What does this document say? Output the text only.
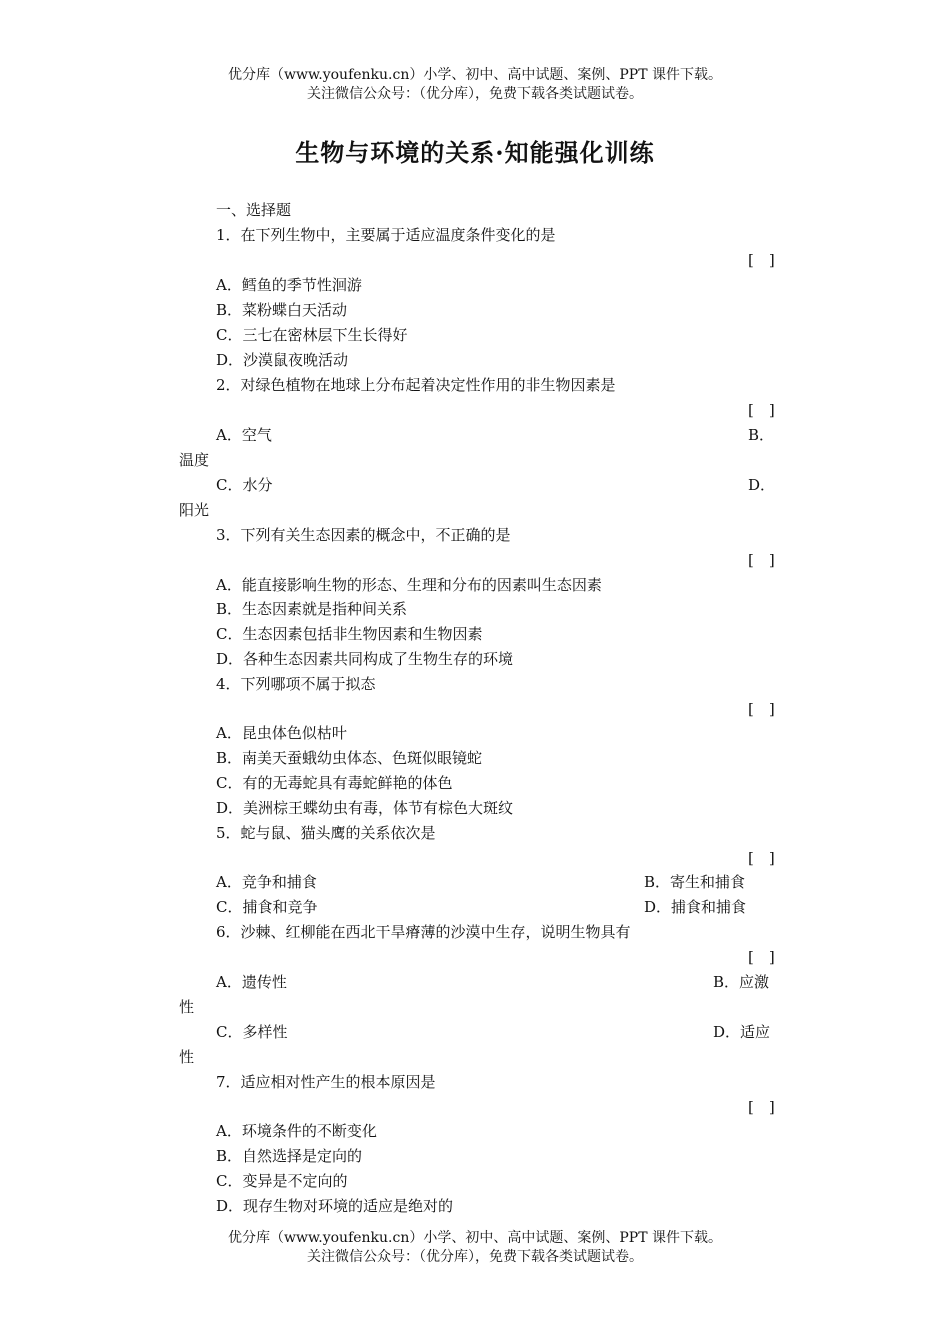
优分库（www.youfenku.cn）小学、初中、高中试题、案例、PPT 课件下载。
关注微信公众号：（优分库），免费下载各类试题试卷。
生物与环境的关系·知能强化训练
一、选择题
1．在下列生物中，主要属于适应温度条件变化的是
[　]
A．鳕鱼的季节性洄游
B．菜粉蝶白天活动
C．三七在密林层下生长得好
D．沙漠鼠夜晚活动
2．对绿色植物在地球上分布起着决定性作用的非生物因素是
[　]
A．空气	B．
温度
C．水分	D．
阳光
3．下列有关生态因素的概念中，不正确的是
[　]
A．能直接影响生物的形态、生理和分布的因素叫生态因素
B．生态因素就是指种间关系
C．生态因素包括非生物因素和生物因素
D．各种生态因素共同构成了生物生存的环境
4．下列哪项不属于拟态
[　]
A．昆虫体色似枯叶
B．南美天蚕蛾幼虫体态、色斑似眼镜蛇
C．有的无毒蛇具有毒蛇鲜艳的体色
D．美洲棕王蝶幼虫有毒，体节有棕色大斑纹
5．蛇与鼠、猫头鹰的关系依次是
[　]
A．竞争和捕食	B．寄生和捕食
C．捕食和竞争	D．捕食和捕食
6．沙棘、红柳能在西北干旱瘠薄的沙漠中生存，说明生物具有
[　]
A．遗传性	B．应激
性
C．多样性	D．适应
性
7．适应相对性产生的根本原因是
[　]
A．环境条件的不断变化
B．自然选择是定向的
C．变异是不定向的
D．现存生物对环境的适应是绝对的
优分库（www.youfenku.cn）小学、初中、高中试题、案例、PPT 课件下载。
关注微信公众号：（优分库），免费下载各类试题试卷。
